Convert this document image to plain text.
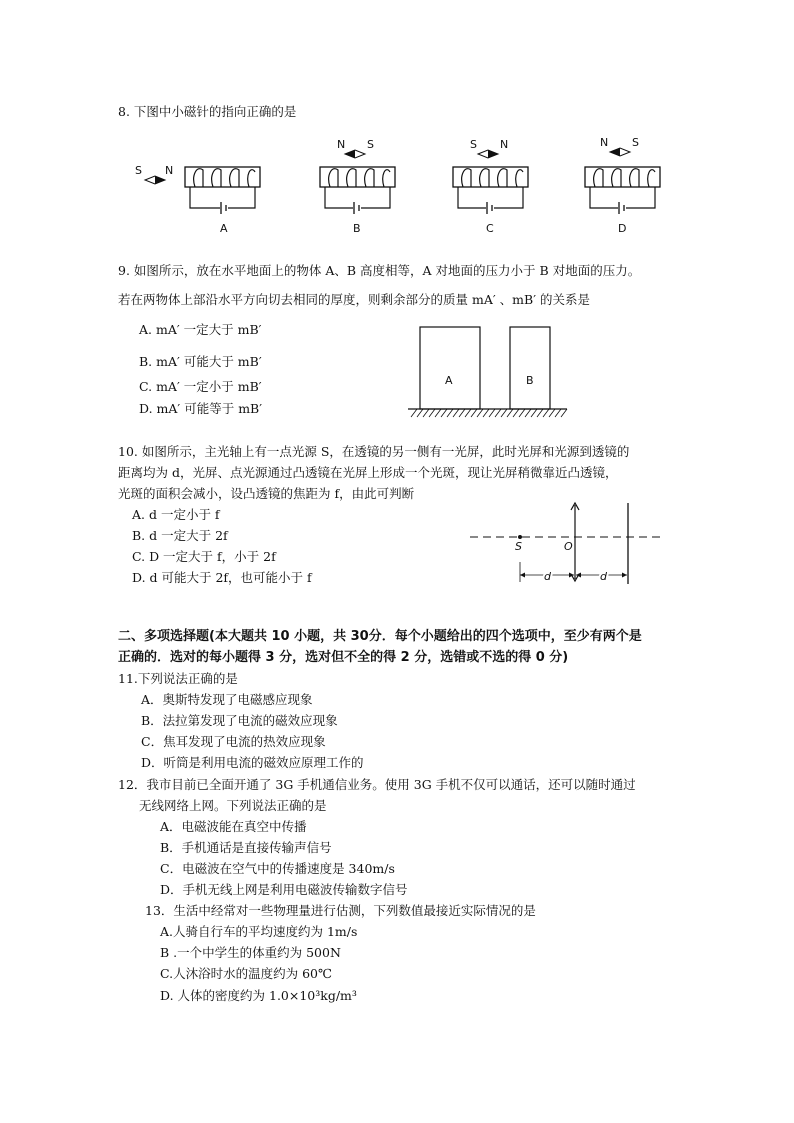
8. 下图中小磁针的指向正确的是
S N
A
N S
B
S N
C
N S
D
9. 如图所示，放在水平地面上的物体 A、B 高度相等，A 对地面的压力小于 B 对地面的压力。
若在两物体上部沿水平方向切去相同的厚度，则剩余部分的质量 mA′ 、mB′ 的关系是
A. mA′ 一定大于 mB′
B. mA′ 可能大于 mB′
C. mA′ 一定小于 mB′
D. mA′ 可能等于 mB′
A	B
10. 如图所示，主光轴上有一点光源 S，在透镜的另一侧有一光屏，此时光屏和光源到透镜的
距离均为 d，光屏、点光源通过凸透镜在光屏上形成一个光斑，现让光屏稍微靠近凸透镜，
光斑的面积会减小，设凸透镜的焦距为 f，由此可判断
A. d 一定小于 f
B. d 一定大于 2f
C. D 一定大于 f，小于 2f
D. d 可能大于 2f，也可能小于 f
S	O
d	d
二、多项选择题(本大题共 10 小题，共 30分．每个小题给出的四个选项中，至少有两个是
正确的．选对的每小题得 3 分，选对但不全的得 2 分，选错或不选的得 0 分)
11.下列说法正确的是
A．奥斯特发现了电磁感应现象
B．法拉第发现了电流的磁效应现象
C．焦耳发现了电流的热效应现象
D．听筒是利用电流的磁效应原理工作的
12．我市目前已全面开通了 3G 手机通信业务。使用 3G 手机不仅可以通话，还可以随时通过
无线网络上网。下列说法正确的是
A．电磁波能在真空中传播
B．手机通话是直接传输声信号
C．电磁波在空气中的传播速度是 340m/s
D．手机无线上网是利用电磁波传输数字信号
13．生活中经常对一些物理量进行估测，下列数值最接近实际情况的是
A.人骑自行车的平均速度约为 1m/s
B .一个中学生的体重约为 500N
C.人沐浴时水的温度约为 60℃
D. 人体的密度约为 1.0×10³kg/m³
